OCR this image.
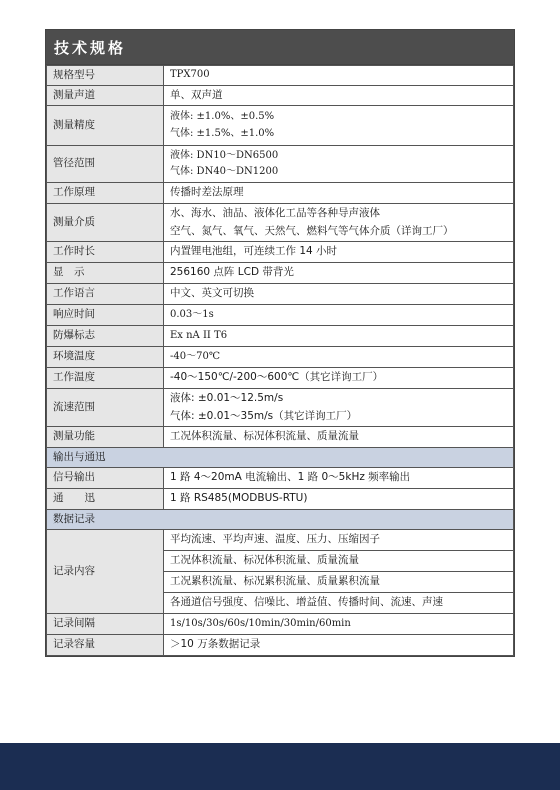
技术规格
规格型号	TPX700
测量声道	单、双声道
测量精度	液体: ±1.0%、±0.5%
气体: ±1.5%、±1.0%

管径范围	液体: DN10～DN6500
气体: DN40～DN1200

工作原理	传播时差法原理
测量介质	水、海水、油品、液体化工品等各种导声液体
空气、氮气、氧气、天然气、燃料气等气体介质（详询工厂）

工作时长	内置锂电池组，可连续工作 14 小时
显　示	256160 点阵 LCD 带背光
工作语言	中文、英文可切换
响应时间	0.03～1s
防爆标志	Ex nA II T6
环境温度	-40～70℃
工作温度	-40～150℃/-200～600℃（其它详询工厂）
流速范围	液体: ±0.01～12.5m/s
气体: ±0.01～35m/s（其它详询工厂）

测量功能	工况体积流量、标况体积流量、质量流量
输出与通迅	
信号输出	1 路 4～20mA 电流输出、1 路 0～5kHz 频率输出
通　　迅	1 路 RS485(MODBUS-RTU)
数据记录	
记录内容	平均流速、平均声速、温度、压力、压缩因子
	工况体积流量、标况体积流量、质量流量
	工况累积流量、标况累积流量、质量累积流量
	各通道信号强度、信噪比、增益值、传播时间、流速、声速
记录间隔	1s/10s/30s/60s/10min/30min/60min
记录容量	＞10 万条数据记录
